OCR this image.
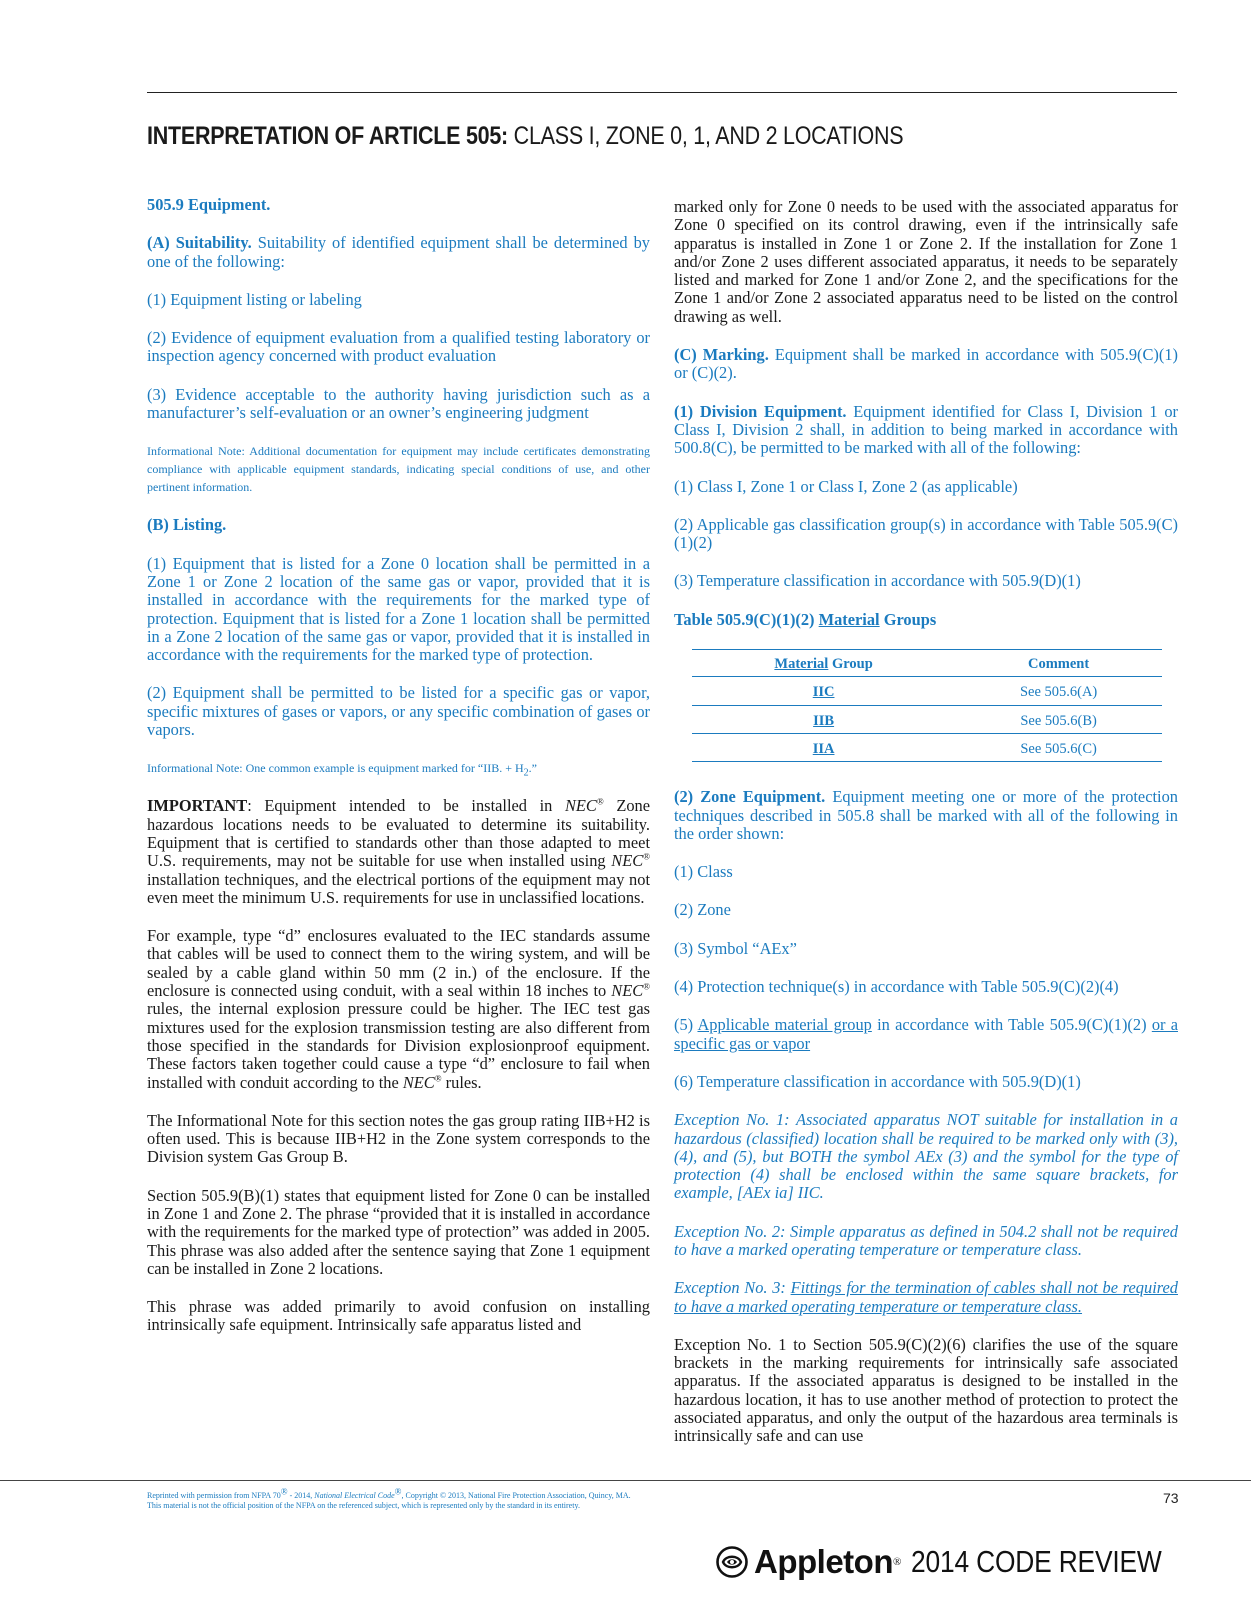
INTERPRETATION OF ARTICLE 505: CLASS I, ZONE 0, 1, AND 2 LOCATIONS

505.9 Equipment.

(A) Suitability. Suitability of identified equipment shall be determined by one of the following:

(1) Equipment listing or labeling

(2) Evidence of equipment evaluation from a qualified testing laboratory or inspection agency concerned with product evaluation

(3) Evidence acceptable to the authority having jurisdiction such as a manufacturer’s self-evaluation or an owner’s engineering judgment

Informational Note: Additional documentation for equipment may include certificates demonstrating compliance with applicable equipment standards, indicating special conditions of use, and other pertinent information.

(B) Listing.

(1) Equipment that is listed for a Zone 0 location shall be permitted in a Zone 1 or Zone 2 location of the same gas or vapor, provided that it is installed in accordance with the requirements for the marked type of protection. Equipment that is listed for a Zone 1 location shall be permitted in a Zone 2 location of the same gas or vapor, provided that it is installed in accordance with the requirements for the marked type of protection.

(2) Equipment shall be permitted to be listed for a specific gas or vapor, specific mixtures of gases or vapors, or any specific combination of gases or vapors.

Informational Note: One common example is equipment marked for “IIB. + $H_2$.”

IMPORTANT: Equipment intended to be installed in NEC® Zone hazardous locations needs to be evaluated to determine its suitability. Equipment that is certified to standards other than those adapted to meet U.S. requirements, may not be suitable for use when installed using NEC® installation techniques, and the electrical portions of the equipment may not even meet the minimum U.S. requirements for use in unclassified locations.

For example, type “d” enclosures evaluated to the IEC standards assume that cables will be used to connect them to the wiring system, and will be sealed by a cable gland within 50 mm (2 in.) of the enclosure. If the enclosure is connected using conduit, with a seal within 18 inches to NEC® rules, the internal explosion pressure could be higher. The IEC test gas mixtures used for the explosion transmission testing are also different from those specified in the standards for Division explosionproof equipment. These factors taken together could cause a type “d” enclosure to fail when installed with conduit according to the NEC® rules.

The Informational Note for this section notes the gas group rating IIB+H2 is often used. This is because IIB+H2 in the Zone system corresponds to the Division system Gas Group B.

Section 505.9(B)(1) states that equipment listed for Zone 0 can be installed in Zone 1 and Zone 2. The phrase “provided that it is installed in accordance with the requirements for the marked type of protection” was added in 2005. This phrase was also added after the sentence saying that Zone 1 equipment can be installed in Zone 2 locations.

This phrase was added primarily to avoid confusion on installing intrinsically safe equipment. Intrinsically safe apparatus listed and

marked only for Zone 0 needs to be used with the associated apparatus for Zone 0 specified on its control drawing, even if the intrinsically safe apparatus is installed in Zone 1 or Zone 2. If the installation for Zone 1 and/or Zone 2 uses different associated apparatus, it needs to be separately listed and marked for Zone 1 and/or Zone 2, and the specifications for the Zone 1 and/or Zone 2 associated apparatus need to be listed on the control drawing as well.

(C) Marking. Equipment shall be marked in accordance with 505.9(C)(1) or (C)(2).

(1) Division Equipment. Equipment identified for Class I, Division 1 or Class I, Division 2 shall, in addition to being marked in accordance with 500.8(C), be permitted to be marked with all of the following:

(1) Class I, Zone 1 or Class I, Zone 2 (as applicable)

(2) Applicable gas classification group(s) in accordance with Table 505.9(C)(1)(2)

(3) Temperature classification in accordance with 505.9(D)(1)

Table 505.9(C)(1)(2) Material Groups

Material Group	Comment
IIC	See 505.6(A)
IIB	See 505.6(B)
IIA	See 505.6(C)

(2) Zone Equipment. Equipment meeting one or more of the protection techniques described in 505.8 shall be marked with all of the following in the order shown:

(1) Class

(2) Zone

(3) Symbol “AEx”

(4) Protection technique(s) in accordance with Table 505.9(C)(2)(4)

(5) Applicable material group in accordance with Table 505.9(C)(1)(2) or a specific gas or vapor

(6) Temperature classification in accordance with 505.9(D)(1)

Exception No. 1: Associated apparatus NOT suitable for installation in a hazardous (classified) location shall be required to be marked only with (3), (4), and (5), but BOTH the symbol AEx (3) and the symbol for the type of protection (4) shall be enclosed within the same square brackets, for example, [AEx ia] IIC.

Exception No. 2: Simple apparatus as defined in 504.2 shall not be required to have a marked operating temperature or temperature class.

Exception No. 3: Fittings for the termination of cables shall not be required to have a marked operating temperature or temperature class.

Exception No. 1 to Section 505.9(C)(2)(6) clarifies the use of the square brackets in the marking requirements for intrinsically safe associated apparatus. If the associated apparatus is designed to be installed in the hazardous location, it has to use another method of protection to protect the associated apparatus, and only the output of the hazardous area terminals is intrinsically safe and can use

Reprinted with permission from NFPA 70® - 2014, National Electrical Code®, Copyright © 2013, National Fire Protection Association, Quincy, MA.
This material is not the official position of the NFPA on the referenced subject, which is represented only by the standard in its entirety.	73
Appleton ® 2014 CODE REVIEW
